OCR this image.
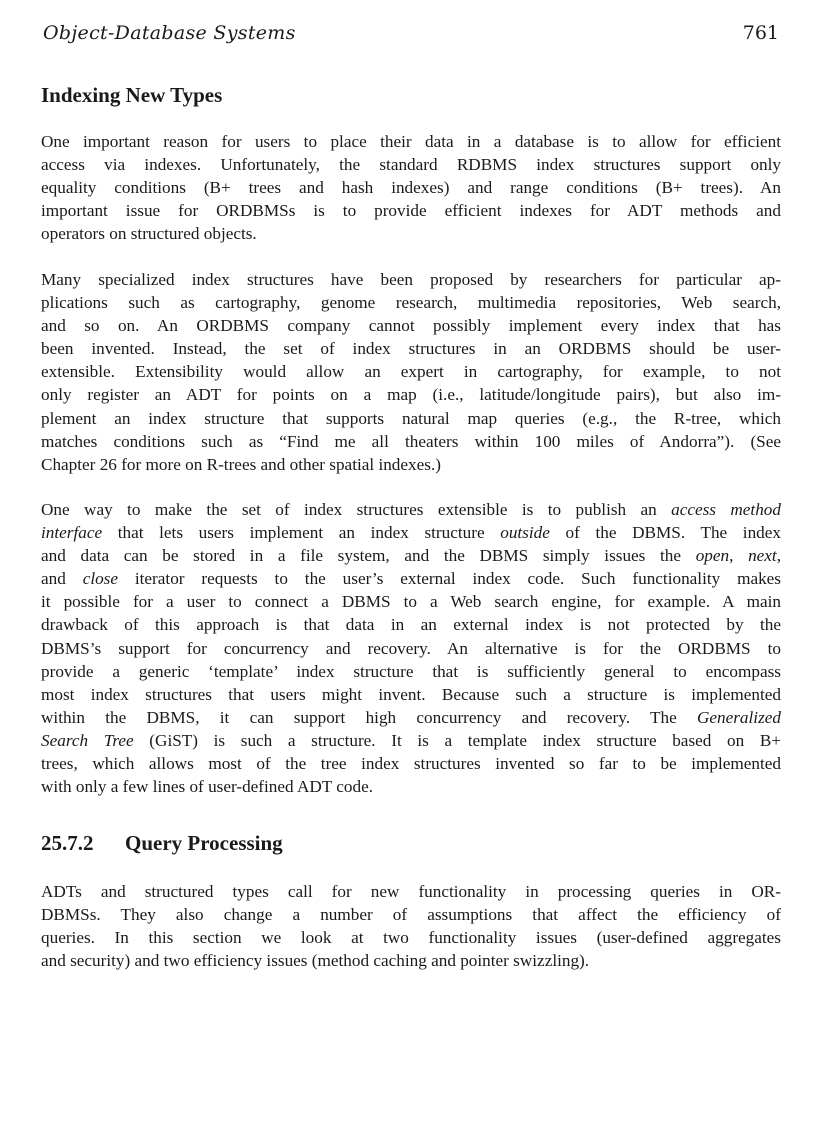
Object-Database Systems	761
Indexing New Types

One important reason for users to place their data in a database is to allow for efficient
access via indexes. Unfortunately, the standard RDBMS index structures support only
equality conditions (B+ trees and hash indexes) and range conditions (B+ trees). An
important issue for ORDBMSs is to provide efficient indexes for ADT methods and
operators on structured objects.

Many specialized index structures have been proposed by researchers for particular ap-
plications such as cartography, genome research, multimedia repositories, Web search,
and so on. An ORDBMS company cannot possibly implement every index that has
been invented. Instead, the set of index structures in an ORDBMS should be user-
extensible. Extensibility would allow an expert in cartography, for example, to not
only register an ADT for points on a map (i.e., latitude/longitude pairs), but also im-
plement an index structure that supports natural map queries (e.g., the R-tree, which
matches conditions such as “Find me all theaters within 100 miles of Andorra”). (See
Chapter 26 for more on R-trees and other spatial indexes.)

One way to make the set of index structures extensible is to publish an access method
interface that lets users implement an index structure outside of the DBMS. The index
and data can be stored in a file system, and the DBMS simply issues the open, next,
and close iterator requests to the user’s external index code. Such functionality makes
it possible for a user to connect a DBMS to a Web search engine, for example. A main
drawback of this approach is that data in an external index is not protected by the
DBMS’s support for concurrency and recovery. An alternative is for the ORDBMS to
provide a generic ‘template’ index structure that is sufficiently general to encompass
most index structures that users might invent. Because such a structure is implemented
within the DBMS, it can support high concurrency and recovery. The Generalized
Search Tree (GiST) is such a structure. It is a template index structure based on B+
trees, which allows most of the tree index structures invented so far to be implemented
with only a few lines of user-defined ADT code.

25.7.2 Query Processing

ADTs and structured types call for new functionality in processing queries in OR-
DBMSs. They also change a number of assumptions that affect the efficiency of
queries. In this section we look at two functionality issues (user-defined aggregates
and security) and two efficiency issues (method caching and pointer swizzling).
